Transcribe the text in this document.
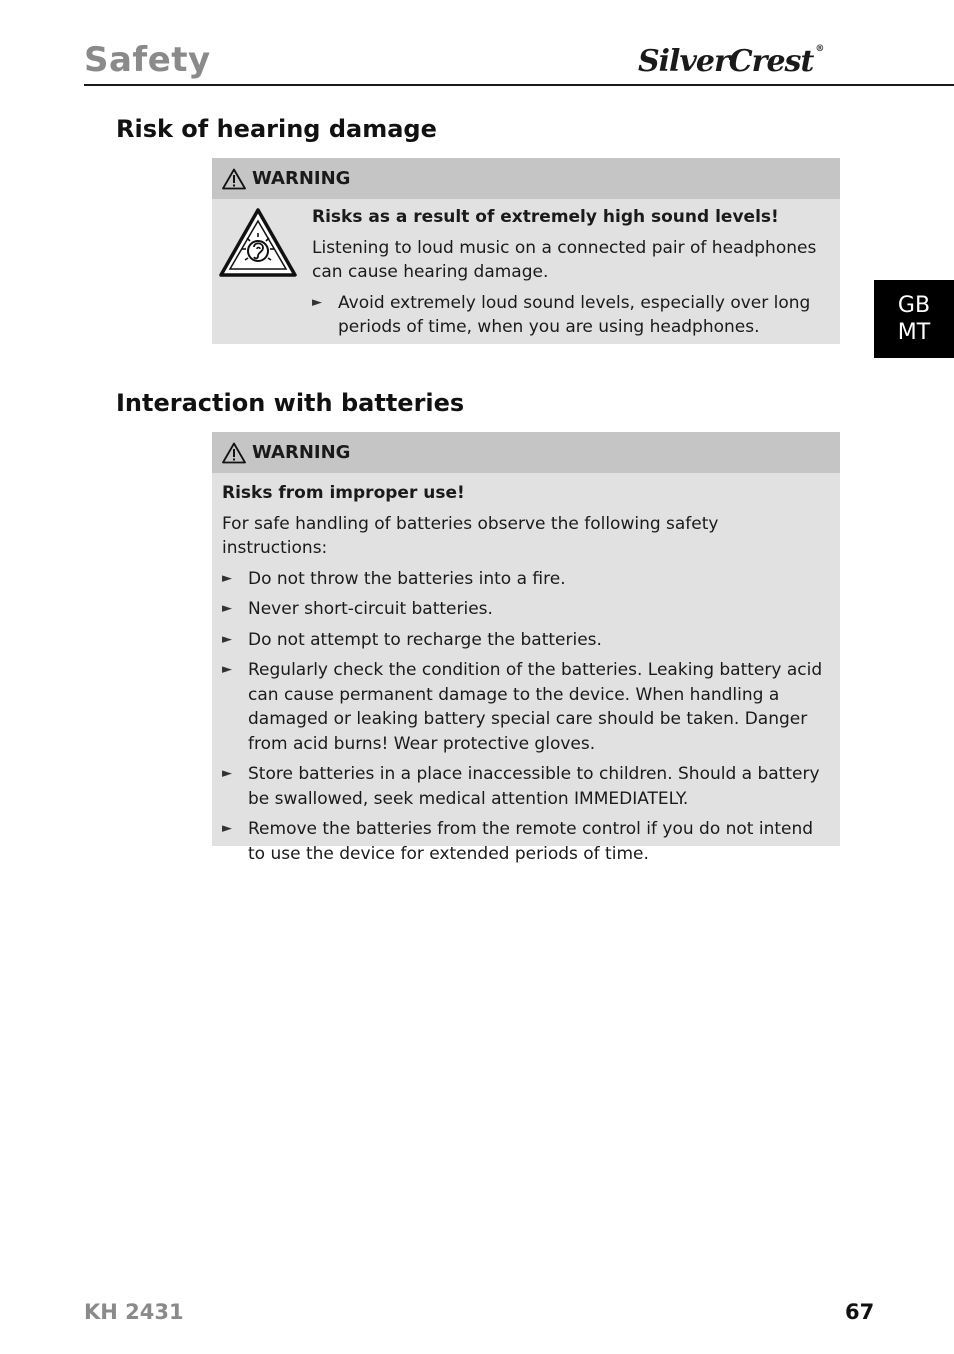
Safety	SilverCrest ®
GB
MT
Risk of hearing damage
WARNING
Risks as a result of extremely high sound levels!
Listening to loud music on a connected pair of headphones can cause hearing damage.
► Avoid extremely loud sound levels, especially over long periods of time, when you are using headphones.
Interaction with batteries
WARNING
Risks from improper use!
For safe handling of batteries observe the following safety instructions:
► Do not throw the batteries into a fire.
► Never short-circuit batteries.
► Do not attempt to recharge the batteries.
► Regularly check the condition of the batteries. Leaking battery acid can cause permanent damage to the device. When handling a damaged or leaking battery special care should be taken. Danger from acid burns! Wear protective gloves.
► Store batteries in a place inaccessible to children. Should a battery be swallowed, seek medical attention IMMEDIATELY.
► Remove the batteries from the remote control if you do not intend to use the device for extended periods of time.
KH 2431	67
